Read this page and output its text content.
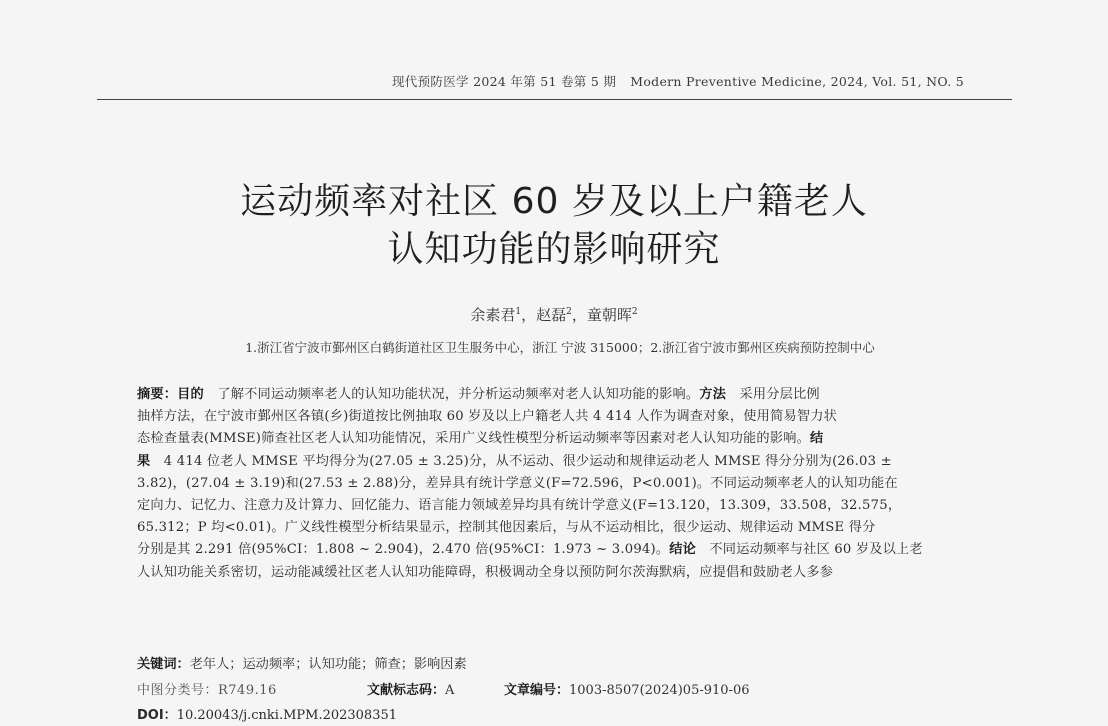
现代预防医学 2024 年第 51 卷第 5 期 Modern Preventive Medicine, 2024, Vol. 51, NO. 5
运动频率对社区 60 岁及以上户籍老人
认知功能的影响研究
余素君$^1$，赵磊$^2$，童朝晖$^2$
1.浙江省宁波市鄞州区白鹤街道社区卫生服务中心，浙江 宁波 315000；2.浙江省宁波市鄞州区疾病预防控制中心
摘要：目的　了解不同运动频率老人的认知功能状况，并分析运动频率对老人认知功能的影响。方法　采用分层比例
抽样方法，在宁波市鄞州区各镇(乡)街道按比例抽取 60 岁及以上户籍老人共 4 414 人作为调查对象，使用简易智力状
态检查量表(MMSE)筛查社区老人认知功能情况，采用广义线性模型分析运动频率等因素对老人认知功能的影响。结
果　4 414 位老人 MMSE 平均得分为(27.05 ± 3.25)分，从不运动、很少运动和规律运动老人 MMSE 得分分别为(26.03 ±
3.82)，(27.04 ± 3.19)和(27.53 ± 2.88)分，差异具有统计学意义(F=72.596，P<0.001)。不同运动频率老人的认知功能在
定向力、记忆力、注意力及计算力、回忆能力、语言能力领域差异均具有统计学意义(F=13.120，13.309，33.508，32.575，
65.312；P 均<0.01)。广义线性模型分析结果显示，控制其他因素后，与从不运动相比，很少运动、规律运动 MMSE 得分
分别是其 2.291 倍(95%CI：1.808 ~ 2.904)，2.470 倍(95%CI：1.973 ~ 3.094)。结论　不同运动频率与社区 60 岁及以上老
人认知功能关系密切，运动能减缓社区老人认知功能障碍，积极调动全身以预防阿尔茨海默病，应提倡和鼓励老人多参
关键词：老年人；运动频率；认知功能；筛查；影响因素
中图分类号：R749.16	文献标志码：A	文章编号：1003-8507(2024)05-910-06
DOI：10.20043/j.cnki.MPM.202308351
